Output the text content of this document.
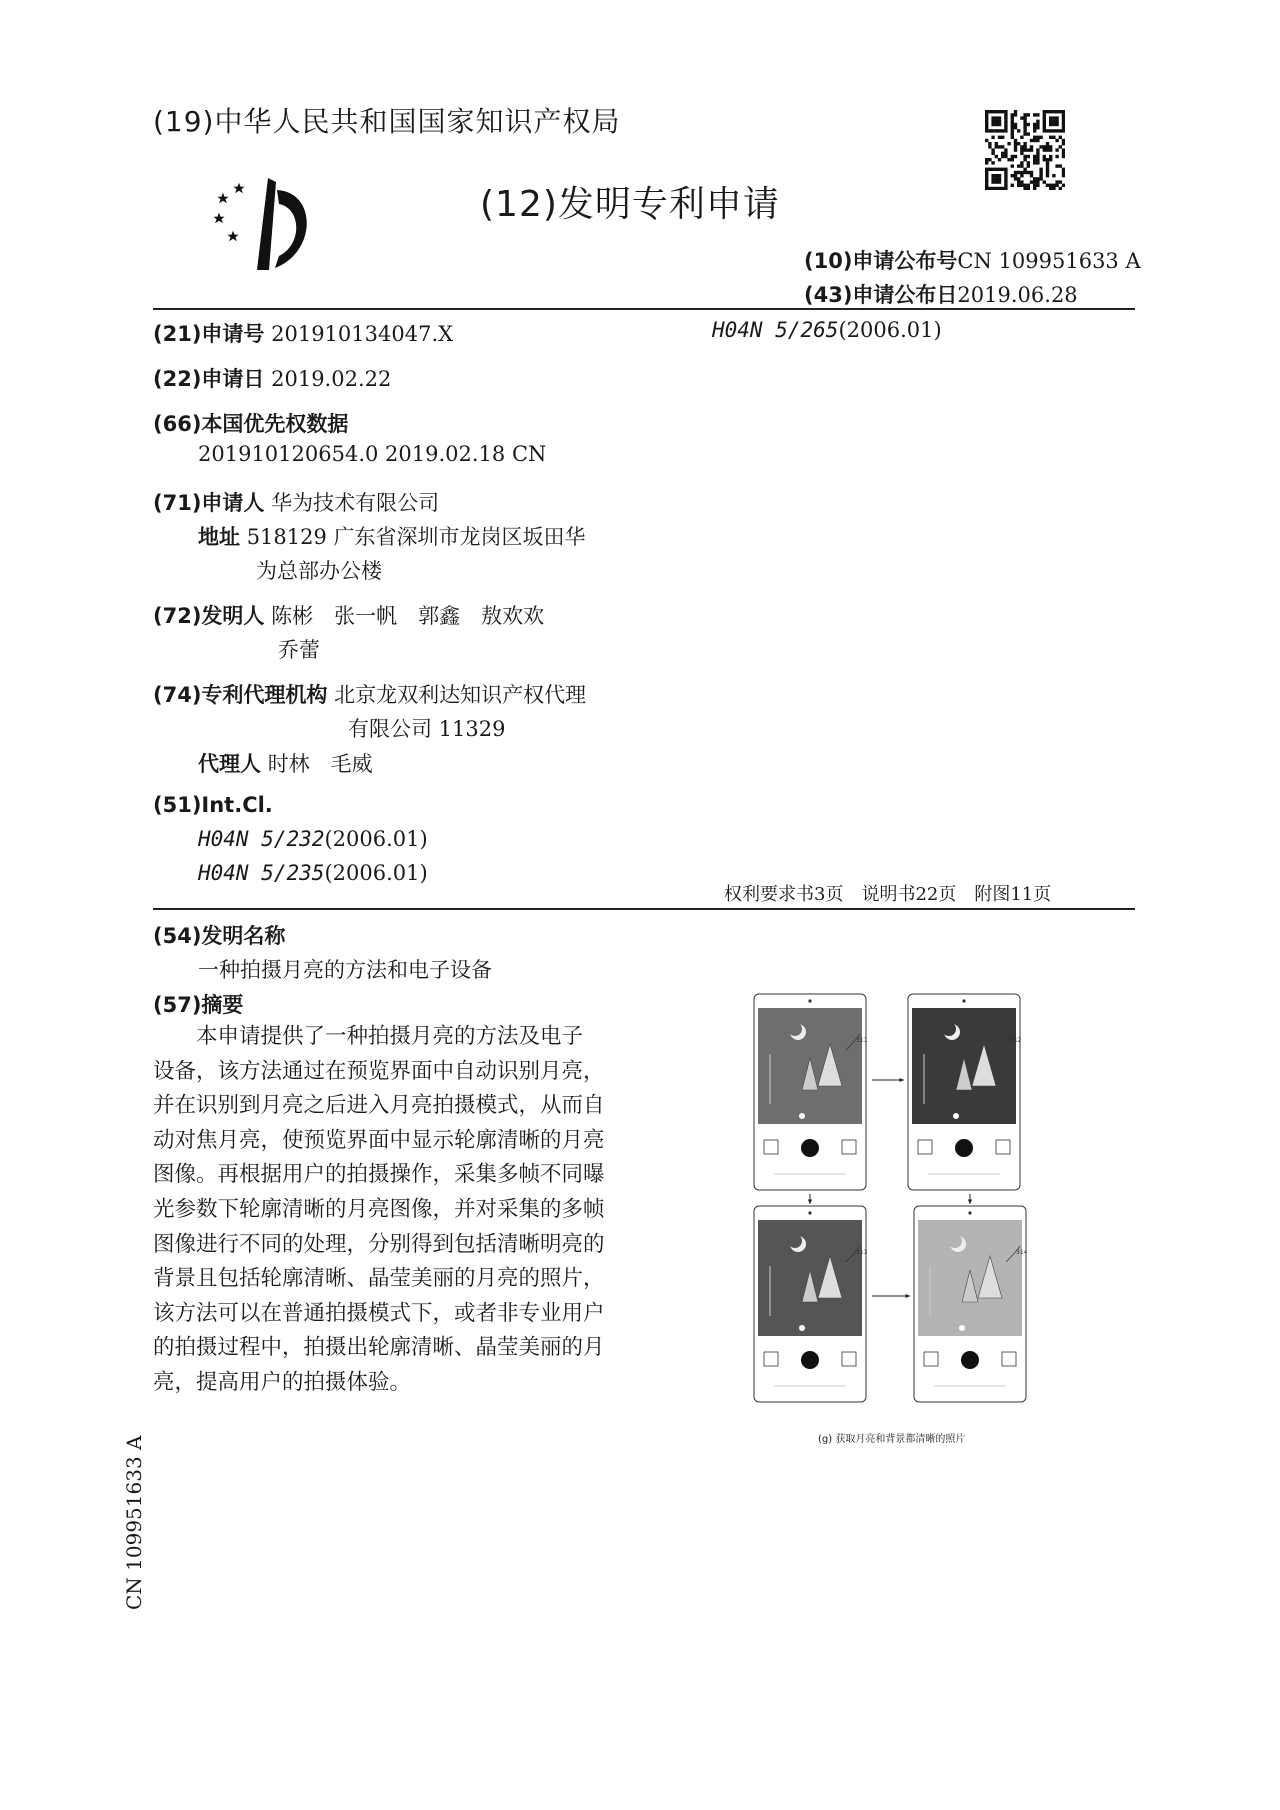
(19)中华人民共和国国家知识产权局
(12)发明专利申请
(10)申请公布号CN 109951633 A
(43)申请公布日2019.06.28
(21)申请号 201910134047.X	H04N 5/265(2006.01)
(22)申请日 2019.02.22
(66)本国优先权数据
201910120654.0 2019.02.18 CN
(71)申请人 华为技术有限公司
地址 518129 广东省深圳市龙岗区坂田华
为总部办公楼
(72)发明人 陈彬　张一帆　郭鑫　敖欢欢
乔蕾
(74)专利代理机构 北京龙双利达知识产权代理
有限公司 11329
代理人 时林　毛威
(51)Int.Cl.
H04N 5/232(2006.01)
H04N 5/235(2006.01)
权利要求书3页　说明书22页　附图11页
(54)发明名称
一种拍摄月亮的方法和电子设备
(57)摘要
本申请提供了一种拍摄月亮的方法及电子
设备，该方法通过在预览界面中自动识别月亮，
并在识别到月亮之后进入月亮拍摄模式，从而自
动对焦月亮，使预览界面中显示轮廓清晰的月亮
图像。再根据用户的拍摄操作，采集多帧不同曝
光参数下轮廓清晰的月亮图像，并对采集的多帧
图像进行不同的处理，分别得到包括清晰明亮的
背景且包括轮廓清晰、晶莹美丽的月亮的照片，
该方法可以在普通拍摄模式下，或者非专业用户
的拍摄过程中，拍摄出轮廓清晰、晶莹美丽的月
亮，提高用户的拍摄体验。
311	312
313	314
(g) 获取月亮和背景都清晰的照片
CN 109951633 A
